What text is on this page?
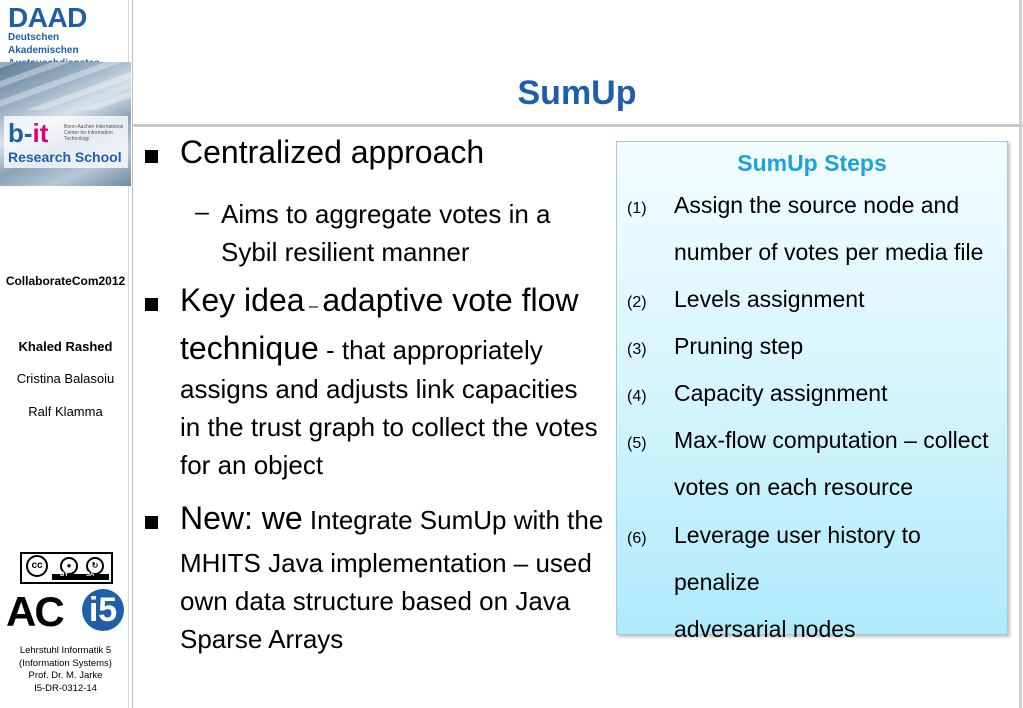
DAAD
Deutschen Akademischen
b-it	Bonn-Aachen International Center for Information Technology
Research School
CollaborateCom2012
Khaled Rashed
Cristina Balasoiu
Ralf Klamma
cc	●	↻
BY	SA
AC i5
Lehrstuhl Informatik 5
(Information Systems)
Prof. Dr. M. Jarke
I5-DR-0312-14
SumUp
Centralized approach
– Aims to aggregate votes in a
Sybil resilient manner
Key idea – adaptive vote flow
technique - that appropriately
assigns and adjusts link capacities
in the trust graph to collect the votes
for an object
New: we Integrate SumUp with the
MHITS Java implementation – used
own data structure based on Java
Sparse Arrays
SumUp Steps
(1) Assign the source node and
number of votes per media file
(2) Levels assignment
(3) Pruning step
(4) Capacity assignment
(5) Max-flow computation – collect
votes on each resource
(6) Leverage user history to penalize
adversarial nodes
